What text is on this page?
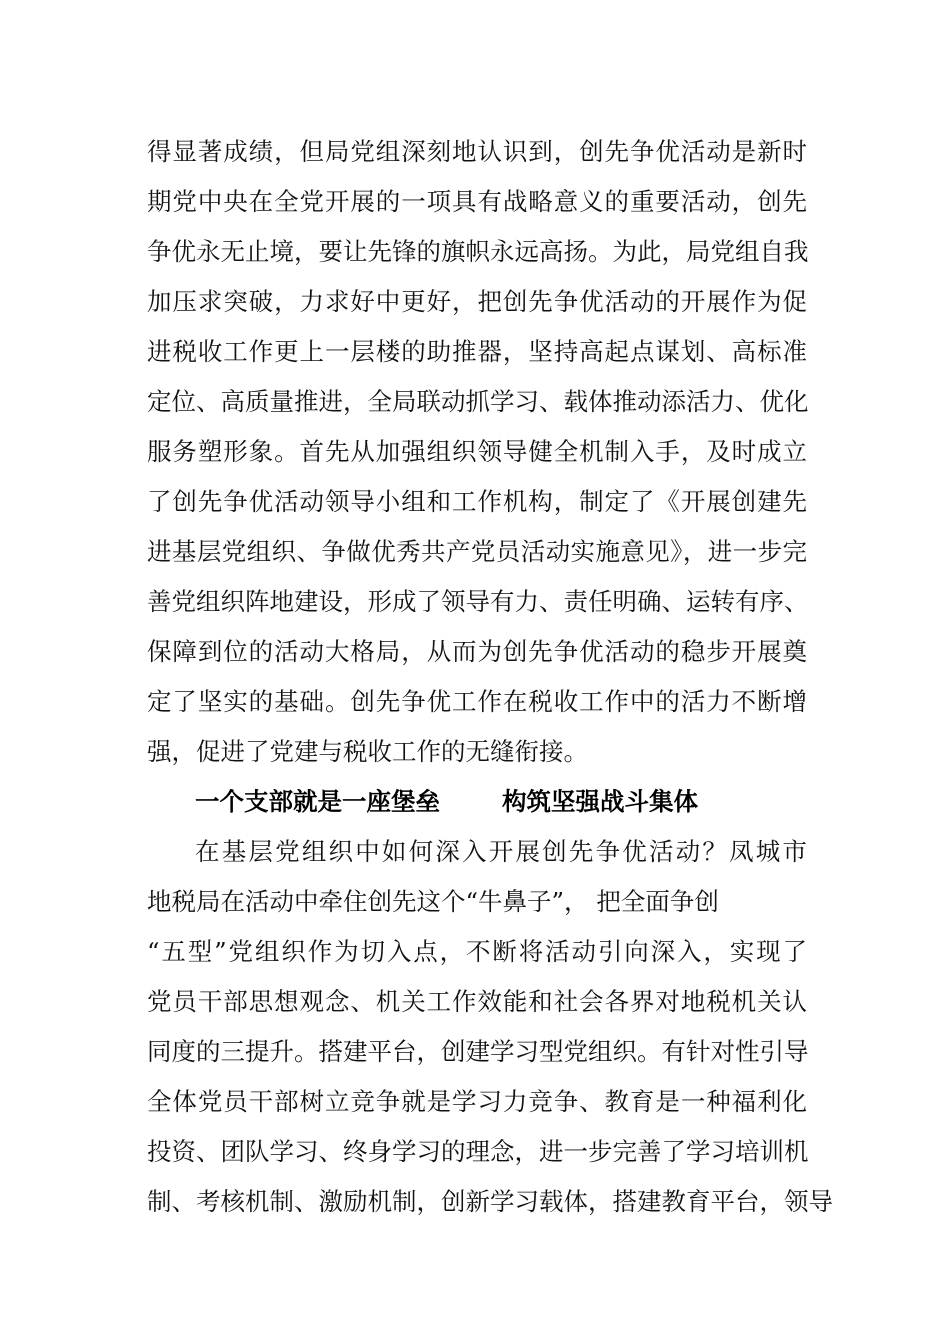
得显著成绩，但局党组深刻地认识到，创先争优活动是新时
期党中央在全党开展的一项具有战略意义的重要活动，创先
争优永无止境，要让先锋的旗帜永远高扬。为此，局党组自我
加压求突破，力求好中更好，把创先争优活动的开展作为促
进税收工作更上一层楼的助推器，坚持高起点谋划、高标准
定位、高质量推进，全局联动抓学习、载体推动添活力、优化
服务塑形象。首先从加强组织领导健全机制入手，及时成立
了创先争优活动领导小组和工作机构，制定了《开展创建先
进基层党组织、争做优秀共产党员活动实施意见》，进一步完
善党组织阵地建设，形成了领导有力、责任明确、运转有序、
保障到位的活动大格局，从而为创先争优活动的稳步开展奠
定了坚实的基础。创先争优工作在税收工作中的活力不断增
强，促进了党建与税收工作的无缝衔接。
一个支部就是一座堡垒	构筑坚强战斗集体
在基层党组织中如何深入开展创先争优活动？凤城市
地税局在活动中牵住创先这个“牛鼻子”， 把全面争创
“五型”党组织作为切入点，不断将活动引向深入，实现了
党员干部思想观念、机关工作效能和社会各界对地税机关认
同度的三提升。搭建平台，创建学习型党组织。有针对性引导
全体党员干部树立竞争就是学习力竞争、教育是一种福利化
投资、团队学习、终身学习的理念，进一步完善了学习培训机
制、考核机制、激励机制，创新学习载体，搭建教育平台，领导
